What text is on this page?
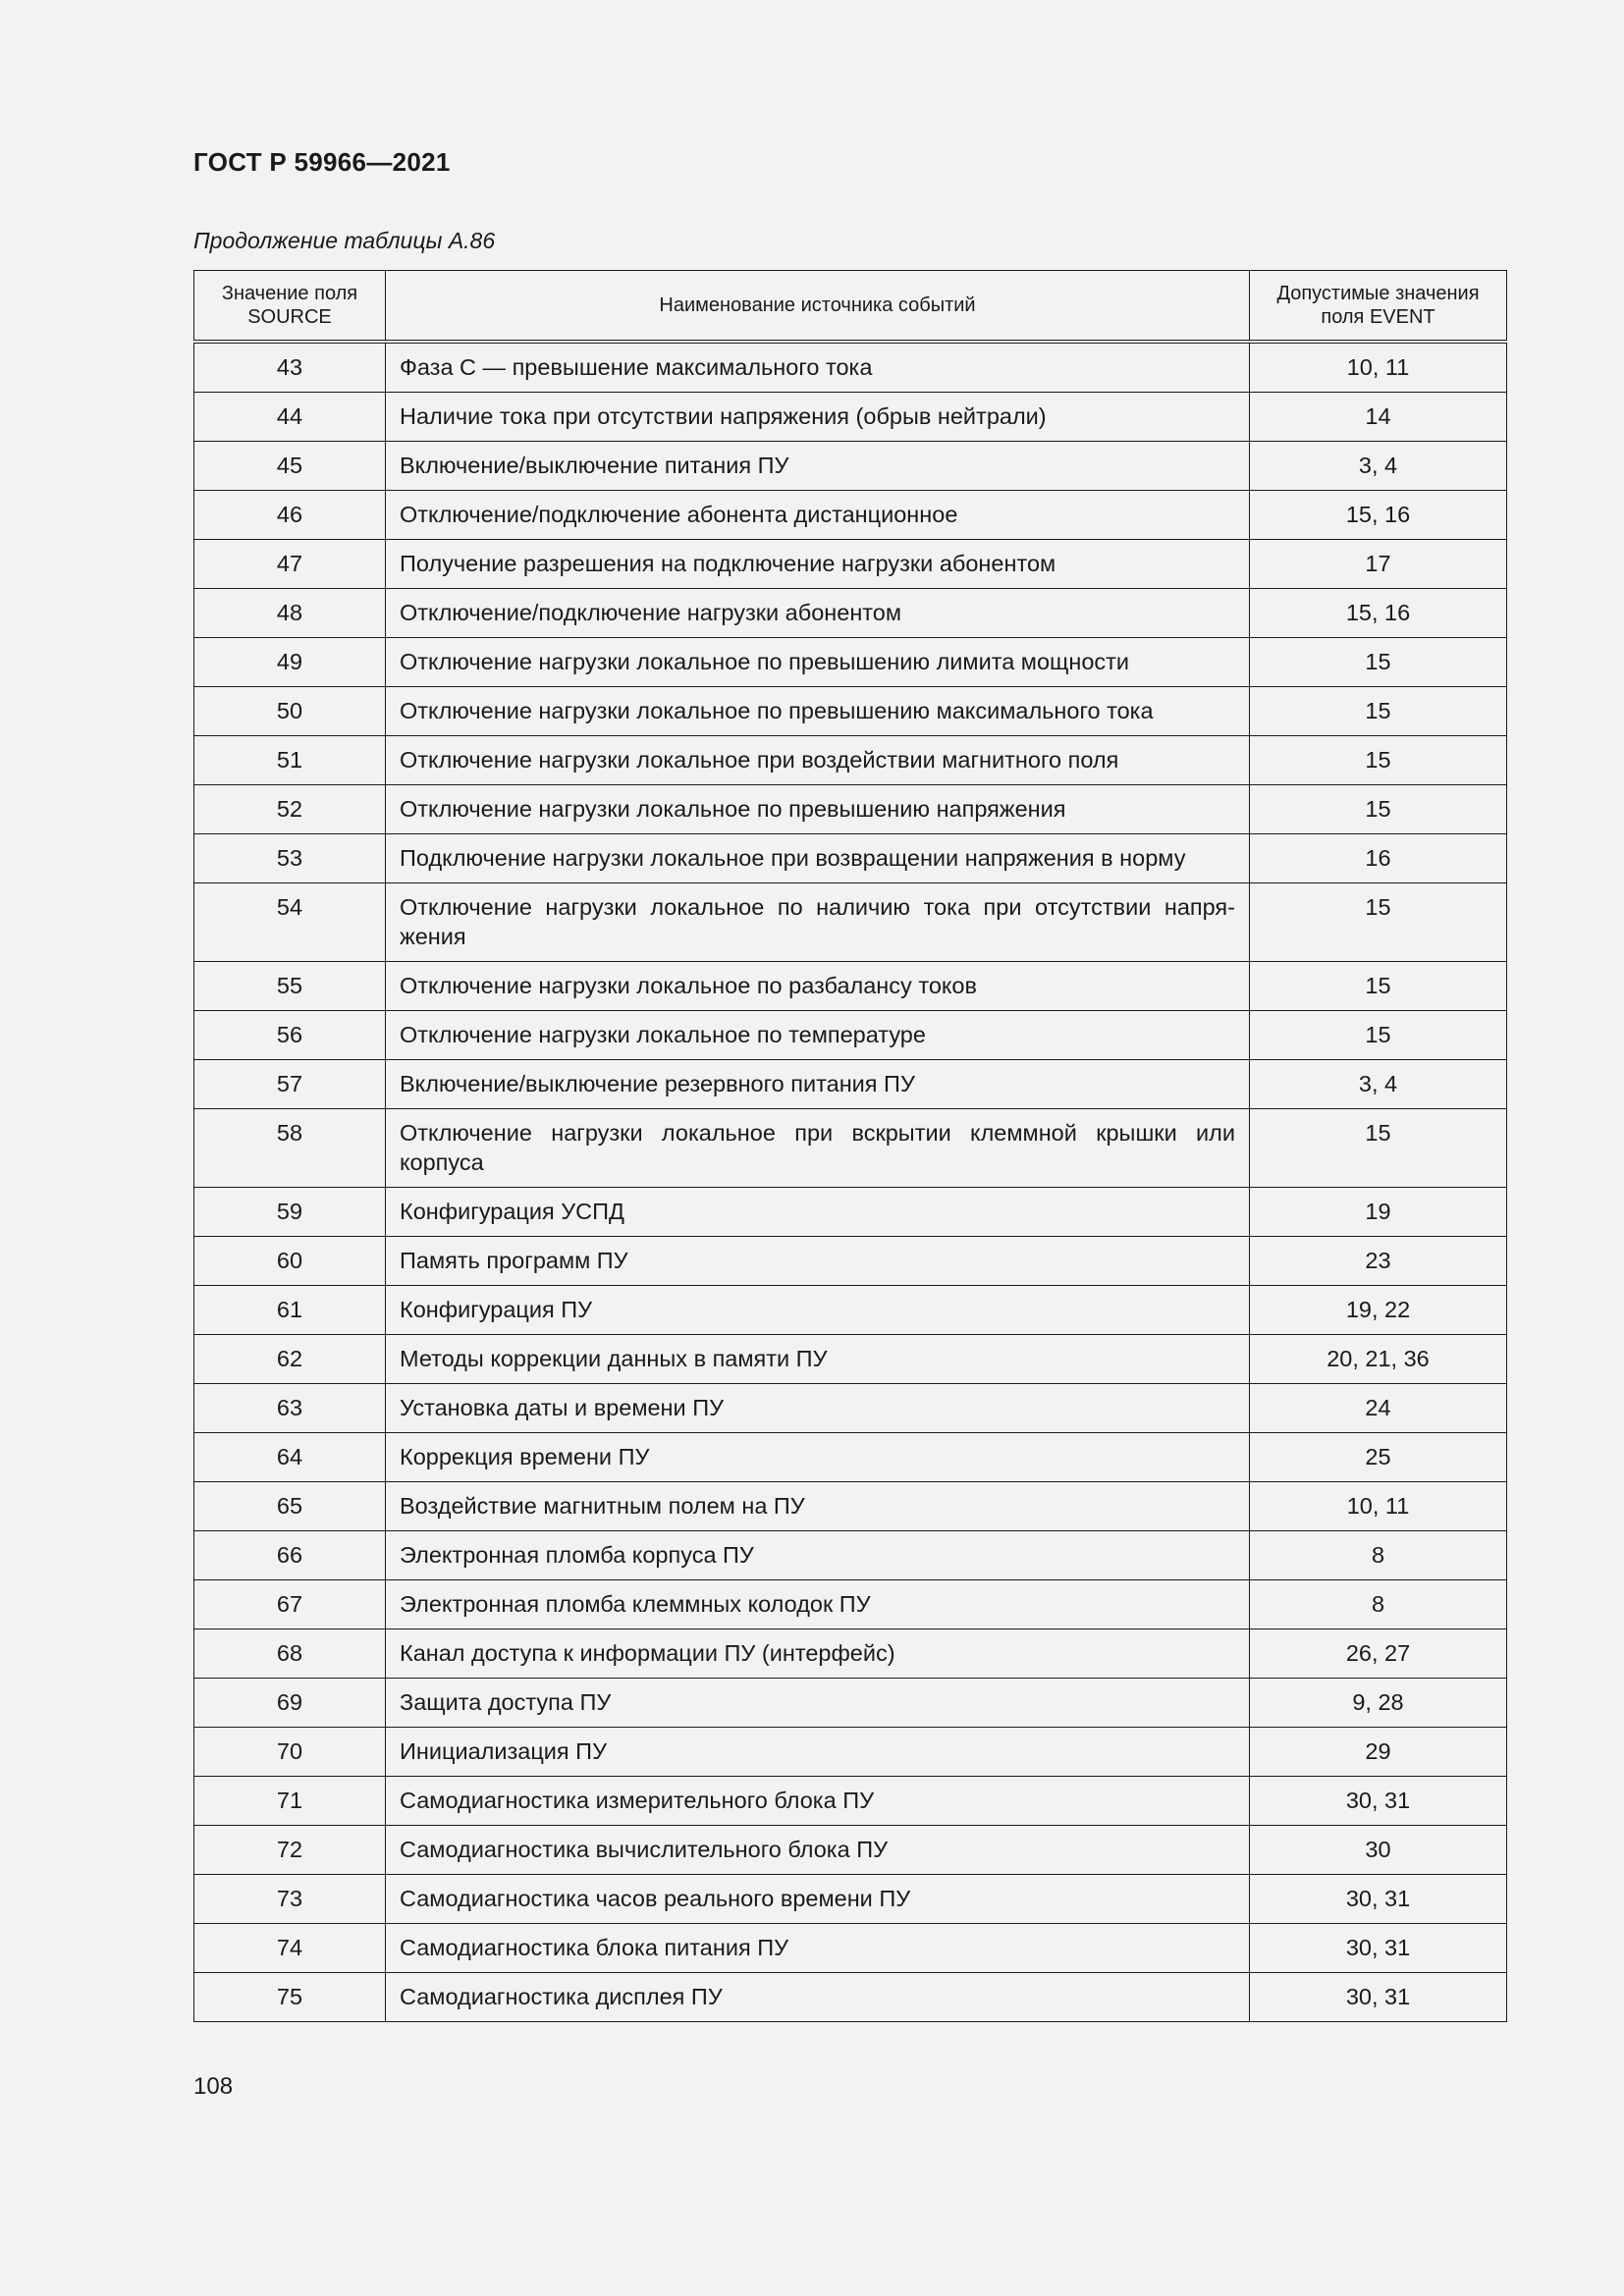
ГОСТ Р 59966—2021
Продолжение таблицы А.86
Значение поля SOURCE	Наименование источника событий	Допустимые значения поля EVENT
43	Фаза С — превышение максимального тока	10, 11
44	Наличие тока при отсутствии напряжения (обрыв нейтрали)	14
45	Включение/выключение питания ПУ	3, 4
46	Отключение/подключение абонента дистанционное	15, 16
47	Получение разрешения на подключение нагрузки абонентом	17
48	Отключение/подключение нагрузки абонентом	15, 16
49	Отключение нагрузки локальное по превышению лимита мощности	15
50	Отключение нагрузки локальное по превышению максимального тока	15
51	Отключение нагрузки локальное при воздействии магнитного поля	15
52	Отключение нагрузки локальное по превышению напряжения	15
53	Подключение нагрузки локальное при возвращении напряжения в норму	16
54	Отключение нагрузки локальное по наличию тока при отсутствии напря-жения	15
55	Отключение нагрузки локальное по разбалансу токов	15
56	Отключение нагрузки локальное по температуре	15
57	Включение/выключение резервного питания ПУ	3, 4
58	Отключение нагрузки локальное при вскрытии клеммной крышки или корпуса	15
59	Конфигурация УСПД	19
60	Память программ ПУ	23
61	Конфигурация ПУ	19, 22
62	Методы коррекции данных в памяти ПУ	20, 21, 36
63	Установка даты и времени ПУ	24
64	Коррекция времени ПУ	25
65	Воздействие магнитным полем на ПУ	10, 11
66	Электронная пломба корпуса ПУ	8
67	Электронная пломба клеммных колодок ПУ	8
68	Канал доступа к информации ПУ (интерфейс)	26, 27
69	Защита доступа ПУ	9, 28
70	Инициализация ПУ	29
71	Самодиагностика измерительного блока ПУ	30, 31
72	Самодиагностика вычислительного блока ПУ	30
73	Самодиагностика часов реального времени ПУ	30, 31
74	Самодиагностика блока питания ПУ	30, 31
75	Самодиагностика дисплея ПУ	30, 31
108
